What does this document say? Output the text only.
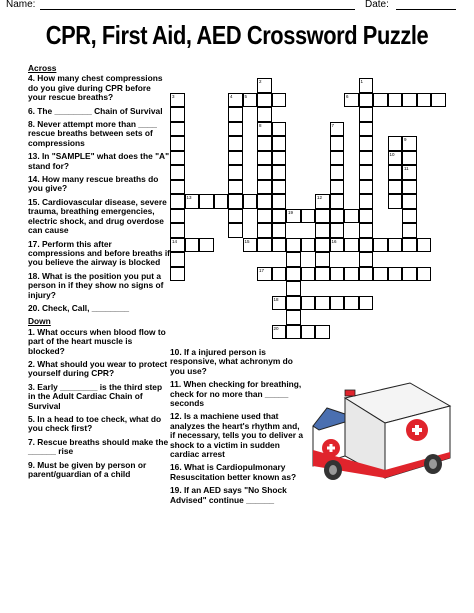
Name:	Date:
CPR, First Aid, AED Crossword Puzzle
Across
4. How many chest compressions do you give during CPR before your rescue breaths?
6. The ________ Chain of Survival
8. Never attempt more than ____ rescue breaths between sets of compressions
13. In "SAMPLE" what does the "A" stand for?
14. How many rescue breaths do you give?
15. Cardiovascular disease, severe trauma, breathing emergencies, electric shock, and drug overdose can cause
17. Perform this after compressions and before breaths if you believe the airway is blocked
18. What is the position you put a person in if they show no signs of injury?
20. Check, Call, ________
Down
1. What occurs when blood flow to part of the heart muscle is blocked?
2. What should you wear to protect yourself during CPR?
3. Early ________ is the third step in the Adult Cardiac Chain of Survival
5. In a head to toe check, what do you check first?
7. Rescue breaths should make the ______ rise
9. Must be given by person or parent/guardian of a child
10. If a injured person is responsive, what achronym do you use?
11. When checking for breathing, check for no more than _____ seconds
12. Is a machiene used that analyzes the heart's rhythm and, if necessary, tells you to deliver a shock to a victim in sudden cardiac arrest
16. What is Cardiopulmonary Resuscitation better known as?
19. If an AED says "No Shock Advised" continue ______
4	5	6
19
14	15	16
17
18
20
13
3
2
8	7
1
10
9
11
12
